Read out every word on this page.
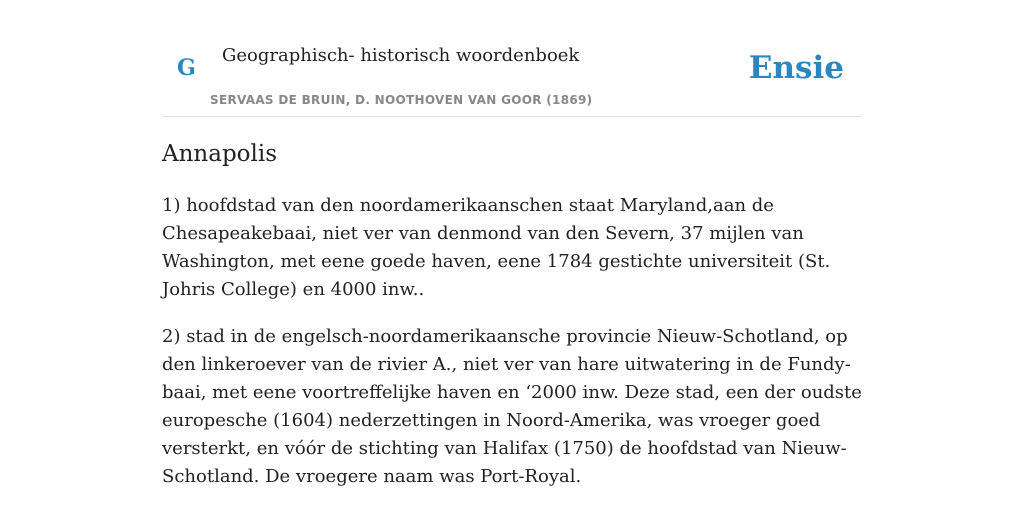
G Geographisch- historisch woordenboek
SERVAAS DE BRUIN, D. NOOTHOVEN VAN GOOR (1869)
Ensie
Annapolis

1) hoofdstad van den noordamerikaanschen staat Maryland,aan de Chesapeakebaai, niet ver van denmond van den Severn, 37 mijlen van Washington, met eene goede haven, eene 1784 gestichte universiteit (St. Johris College) en 4000 inw..

2) stad in de engelsch-noordamerikaansche provincie Nieuw-Schotland, op den linkeroever van de rivier A., niet ver van hare uitwatering in de Fundy-baai, met eene voortreffelijke haven en ‘2000 inw. Deze stad, een der oudste europesche (1604) nederzettingen in Noord-Amerika, was vroeger goed versterkt, en vóór de stichting van Halifax (1750) de hoofdstad van Nieuw-Schotland. De vroegere naam was Port-Royal.
